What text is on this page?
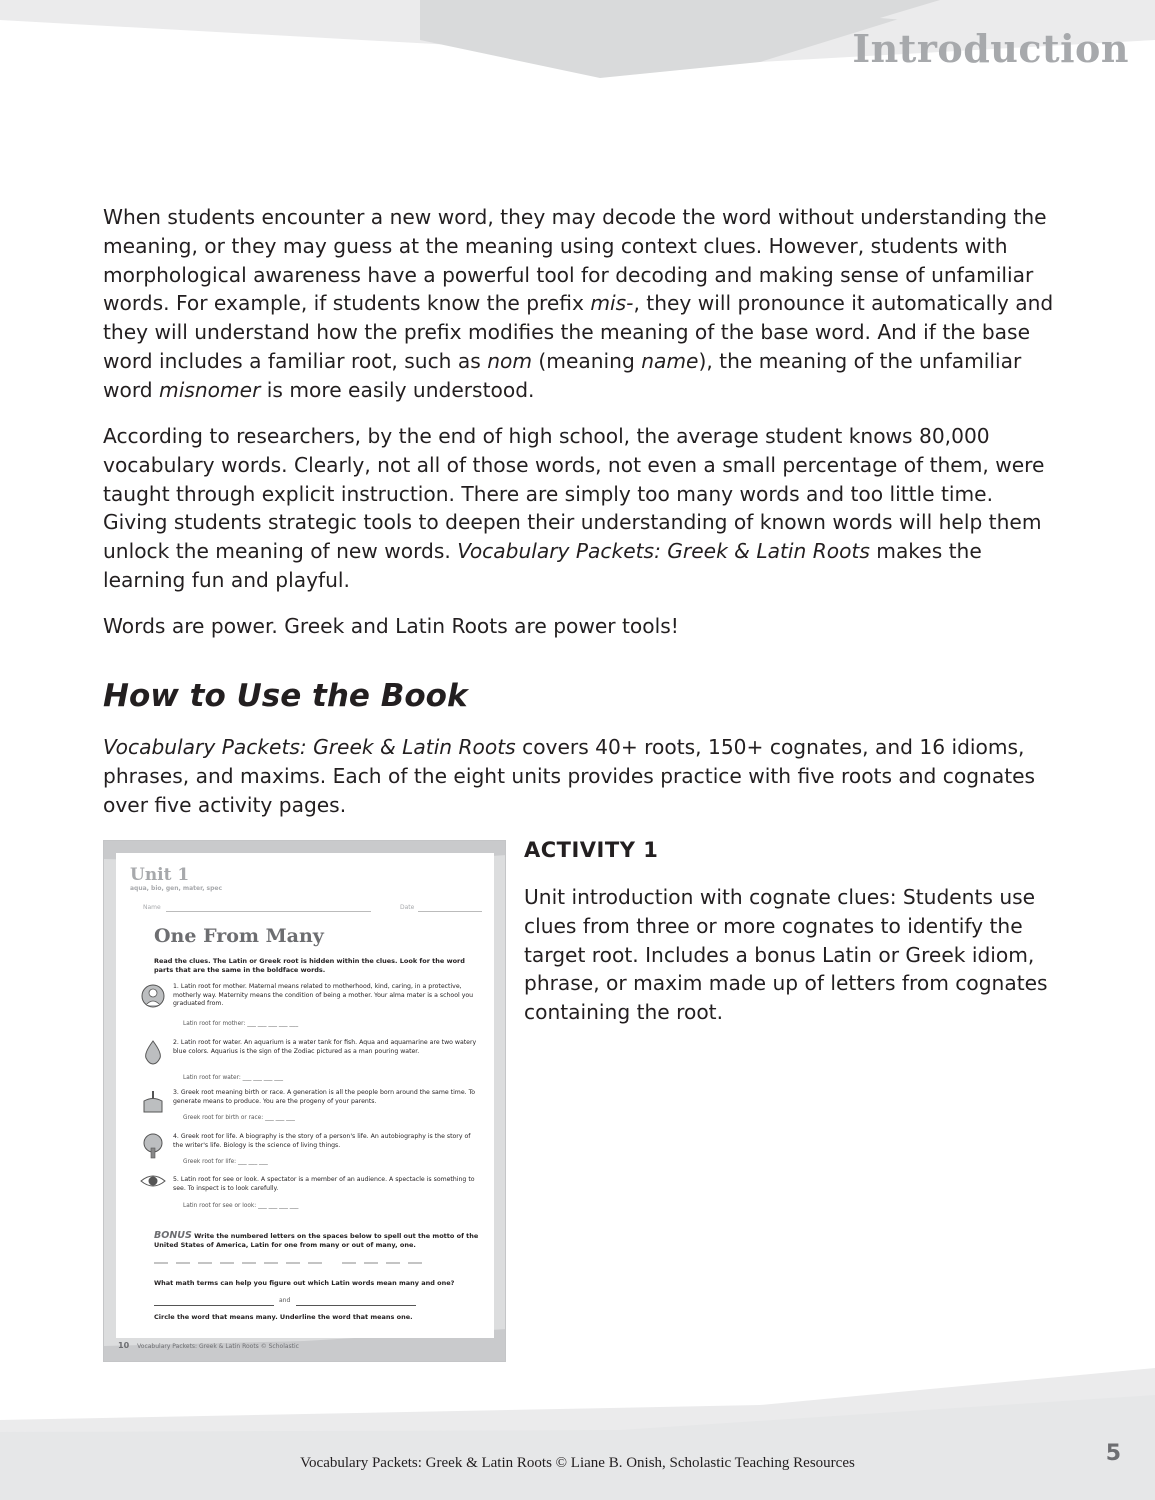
Introduction

When students encounter a new word, they may decode the word without understanding the meaning, or they may guess at the meaning using context clues. However, students with morphological awareness have a powerful tool for decoding and making sense of unfamiliar words. For example, if students know the prefix mis-, they will pronounce it automatically and they will understand how the prefix modifies the meaning of the base word. And if the base word includes a familiar root, such as nom (meaning name), the meaning of the unfamiliar word misnomer is more easily understood.

According to researchers, by the end of high school, the average student knows 80,000 vocabulary words. Clearly, not all of those words, not even a small percentage of them, were taught through explicit instruction. There are simply too many words and too little time. Giving students strategic tools to deepen their understanding of known words will help them unlock the meaning of new words. Vocabulary Packets: Greek & Latin Roots makes the learning fun and playful.

Words are power. Greek and Latin Roots are power tools!

How to Use the Book

Vocabulary Packets: Greek & Latin Roots covers 40+ roots, 150+ cognates, and 16 idioms, phrases, and maxims. Each of the eight units provides practice with five roots and cognates over five activity pages.

Unit 1
aqua, bio, gen, mater, spec
Name	Date
One From Many
Read the clues. The Latin or Greek root is hidden within the clues. Look for the word parts that are the same in the boldface words.
1. Latin root for mother. Maternal means related to motherhood, kind, caring, in a protective, motherly way. Maternity means the condition of being a mother. Your alma mater is a school you graduated from.
Latin root for mother: ___ ___ ___ ___ ___
2. Latin root for water. An aquarium is a water tank for fish. Aqua and aquamarine are two watery blue colors. Aquarius is the sign of the Zodiac pictured as a man pouring water.
Latin root for water: ___ ___ ___ ___
3. Greek root meaning birth or race. A generation is all the people born around the same time. To generate means to produce. You are the progeny of your parents.
Greek root for birth or race: ___ ___ ___
4. Greek root for life. A biography is the story of a person's life. An autobiography is the story of the writer's life. Biology is the science of living things.
Greek root for life: ___ ___ ___
5. Latin root for see or look. A spectator is a member of an audience. A spectacle is something to see. To inspect is to look carefully.
Latin root for see or look: ___ ___ ___ ___
BONUS Write the numbered letters on the spaces below to spell out the motto of the United States of America, Latin for one from many or out of many, one.
What math terms can help you figure out which Latin words mean many and one?
and
Circle the word that means many. Underline the word that means one.
10 Vocabulary Packets: Greek & Latin Roots © Scholastic
ACTIVITY 1

Unit introduction with cognate clues: Students use clues from three or more cognates to identify the target root. Includes a bonus Latin or Greek idiom, phrase, or maxim made up of letters from cognates containing the root.

Vocabulary Packets: Greek & Latin Roots © Liane B. Onish, Scholastic Teaching Resources	5
